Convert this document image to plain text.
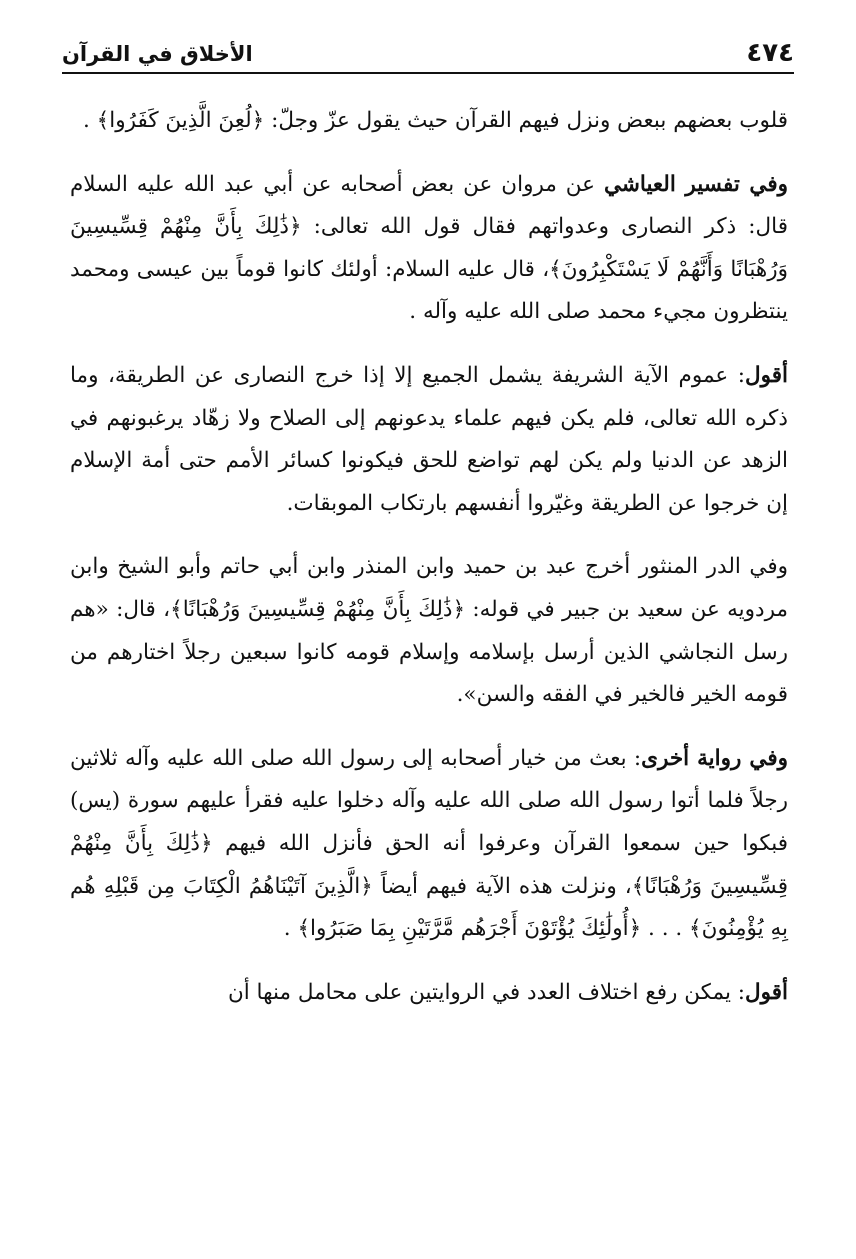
الأخلاق في القرآن	٤٧٤

قلوب بعضهم ببعض ونزل فيهم القرآن حيث يقول عزّ وجلّ: ﴿لُعِنَ الَّذِينَ كَفَرُوا﴾ .

وفي تفسير العياشي عن مروان عن بعض أصحابه عن أبي عبد الله عليه السلام قال: ذكر النصارى وعدواتهم فقال قول الله تعالى: ﴿ذَٰلِكَ بِأَنَّ مِنْهُمْ قِسِّيسِينَ وَرُهْبَانًا وَأَنَّهُمْ لَا يَسْتَكْبِرُونَ﴾، قال عليه السلام: أولئك كانوا قوماً بين عيسى ومحمد ينتظرون مجيء محمد صلى الله عليه وآله .

أقول: عموم الآية الشريفة يشمل الجميع إلا إذا خرج النصارى عن الطريقة، وما ذكره الله تعالى، فلم يكن فيهم علماء يدعونهم إلى الصلاح ولا زهّاد يرغبونهم في الزهد عن الدنيا ولم يكن لهم تواضع للحق فيكونوا كسائر الأمم حتى أمة الإسلام إن خرجوا عن الطريقة وغيّروا أنفسهم بارتكاب الموبقات.

وفي الدر المنثور أخرج عبد بن حميد وابن المنذر وابن أبي حاتم وأبو الشيخ وابن مردويه عن سعيد بن جبير في قوله: ﴿ذَٰلِكَ بِأَنَّ مِنْهُمْ قِسِّيسِينَ وَرُهْبَانًا﴾، قال: «هم رسل النجاشي الذين أرسل بإسلامه وإسلام قومه كانوا سبعين رجلاً اختارهم من قومه الخير فالخير في الفقه والسن».

وفي رواية أخرى: بعث من خيار أصحابه إلى رسول الله صلى الله عليه وآله ثلاثين رجلاً فلما أتوا رسول الله صلى الله عليه وآله دخلوا عليه فقرأ عليهم سورة (يس) فبكوا حين سمعوا القرآن وعرفوا أنه الحق فأنزل الله فيهم ﴿ذَٰلِكَ بِأَنَّ مِنْهُمْ قِسِّيسِينَ وَرُهْبَانًا﴾، ونزلت هذه الآية فيهم أيضاً ﴿الَّذِينَ آتَيْنَاهُمُ الْكِتَابَ مِن قَبْلِهِ هُم بِهِ يُؤْمِنُونَ﴾ . . . ﴿أُولَٰئِكَ يُؤْتَوْنَ أَجْرَهُم مَّرَّتَيْنِ بِمَا صَبَرُوا﴾ .

أقول: يمكن رفع اختلاف العدد في الروايتين على محامل منها أن
